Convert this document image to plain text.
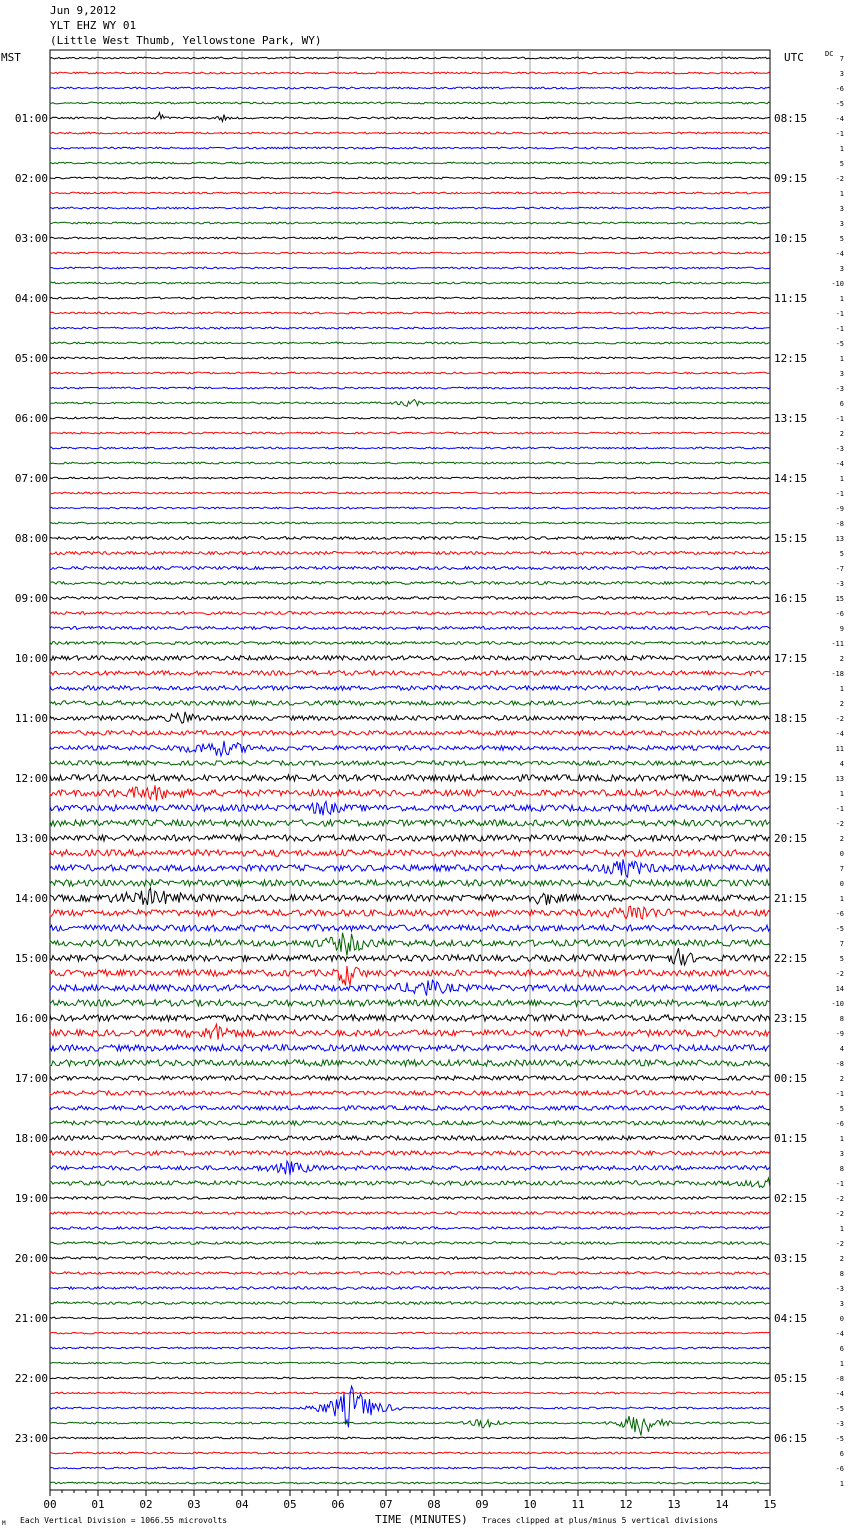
Jun 9,2012
YLT EHZ WY 01
(Little West Thumb, Yellowstone Park, WY)
00	01	02	03	04	05	06	07	08	09	10	11	12	13	14	15
7
3
-6
-5
-4
-1
1
5
-2
1
3
3
5
-4
3
-10
1
-1
-1
-5
1
3
-3
6
-1
2
-3
-4
1
-1
-9
-8
13
5
-7
-3
15
-6
9
-11
2
-18
1
2
-2
-4
11
4
13
1
-1
-2
2
0
7
0
1
-6
-5
7
5
-2
14
-10
8
-9
4
-8
2
-1
5
-6
1
3
8
-1
-2
-2
1
-2
2
8
-3
3
0
-4
6
1
-8
-4
-5
-3
-5
6
-6
1
01:00
02:00
03:00
04:00
05:00
06:00
07:00
08:00
09:00
10:00
11:00
12:00
13:00
14:00
15:00
16:00
17:00
18:00
19:00
20:00
21:00
22:00
23:00
08:15
09:15
10:15
11:15
12:15
13:15
14:15
15:15
16:15
17:15
18:15
19:15
20:15
21:15
22:15
23:15
00:15
01:15
02:15
03:15
04:15
05:15
06:15
MST	UTC	DC
TIME (MINUTES)
Each Vertical Division = 1066.55 microvolts	Traces clipped at plus/minus 5 vertical divisions
M
